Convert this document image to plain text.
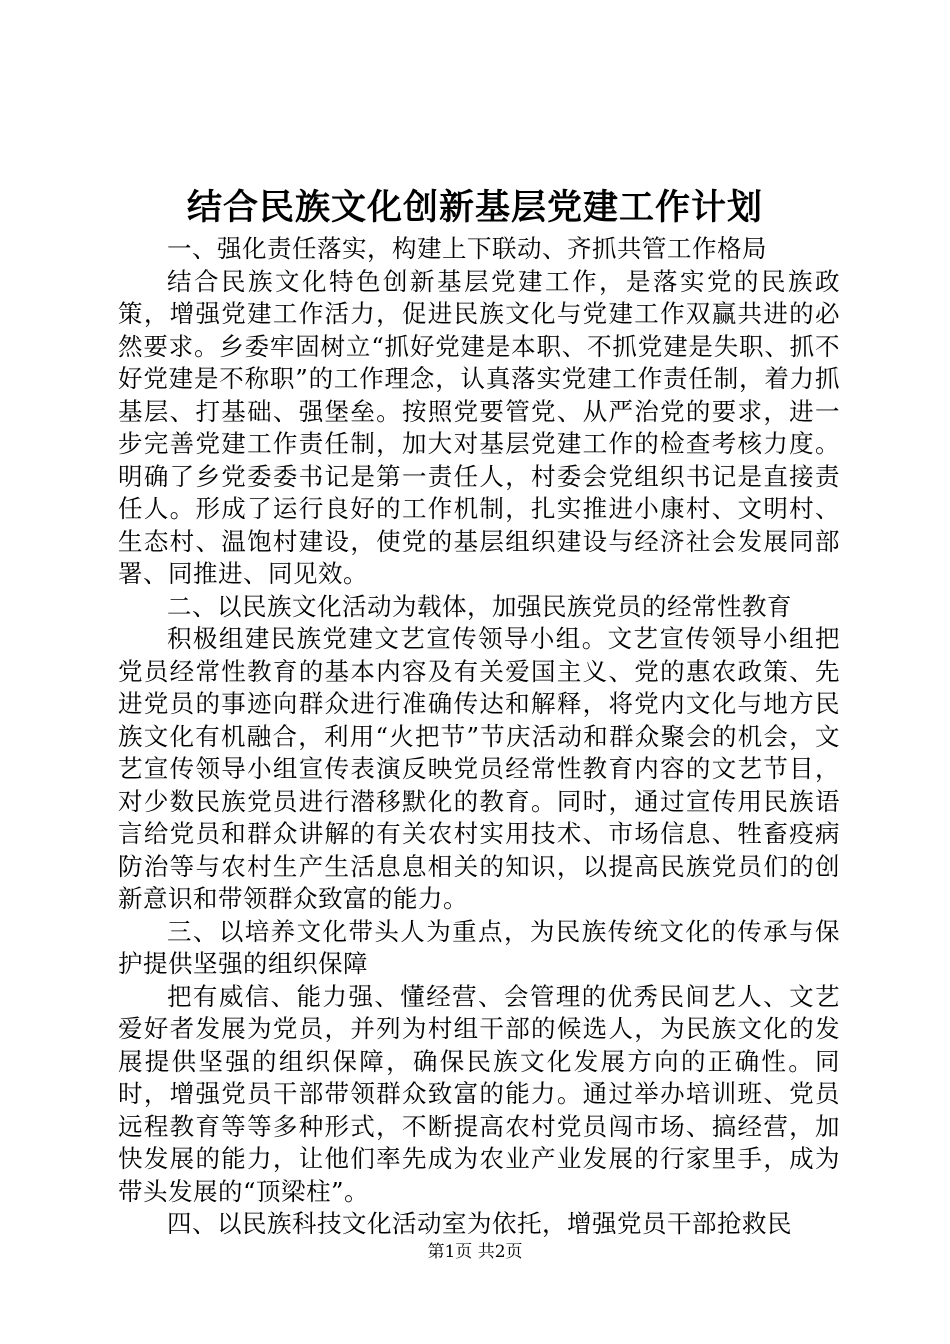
结合民族文化创新基层党建工作计划

一、强化责任落实，构建上下联动、齐抓共管工作格局

结合民族文化特色创新基层党建工作，是落实党的民族政策，增强党建工作活力，促进民族文化与党建工作双赢共进的必然要求。乡委牢固树立“抓好党建是本职、不抓党建是失职、抓不好党建是不称职”的工作理念，认真落实党建工作责任制，着力抓基层、打基础、强堡垒。按照党要管党、从严治党的要求，进一步完善党建工作责任制，加大对基层党建工作的检查考核力度。明确了乡党委委书记是第一责任人，村委会党组织书记是直接责任人。形成了运行良好的工作机制，扎实推进小康村、文明村、生态村、温饱村建设，使党的基层组织建设与经济社会发展同部署、同推进、同见效。

二、以民族文化活动为载体，加强民族党员的经常性教育

积极组建民族党建文艺宣传领导小组。文艺宣传领导小组把党员经常性教育的基本内容及有关爱国主义、党的惠农政策、先进党员的事迹向群众进行准确传达和解释，将党内文化与地方民族文化有机融合，利用“火把节”节庆活动和群众聚会的机会，文艺宣传领导小组宣传表演反映党员经常性教育内容的文艺节目，对少数民族党员进行潜移默化的教育。同时，通过宣传用民族语言给党员和群众讲解的有关农村实用技术、市场信息、牲畜疫病防治等与农村生产生活息息相关的知识，以提高民族党员们的创新意识和带领群众致富的能力。

三、以培养文化带头人为重点，为民族传统文化的传承与保护提供坚强的组织保障

把有威信、能力强、懂经营、会管理的优秀民间艺人、文艺爱好者发展为党员，并列为村组干部的候选人，为民族文化的发展提供坚强的组织保障，确保民族文化发展方向的正确性。同时，增强党员干部带领群众致富的能力。通过举办培训班、党员远程教育等等多种形式，不断提高农村党员闯市场、搞经营，加快发展的能力，让他们率先成为农业产业发展的行家里手，成为带头发展的“顶梁柱”。

四、以民族科技文化活动室为依托，增强党员干部抢救民

第1页 共2页
